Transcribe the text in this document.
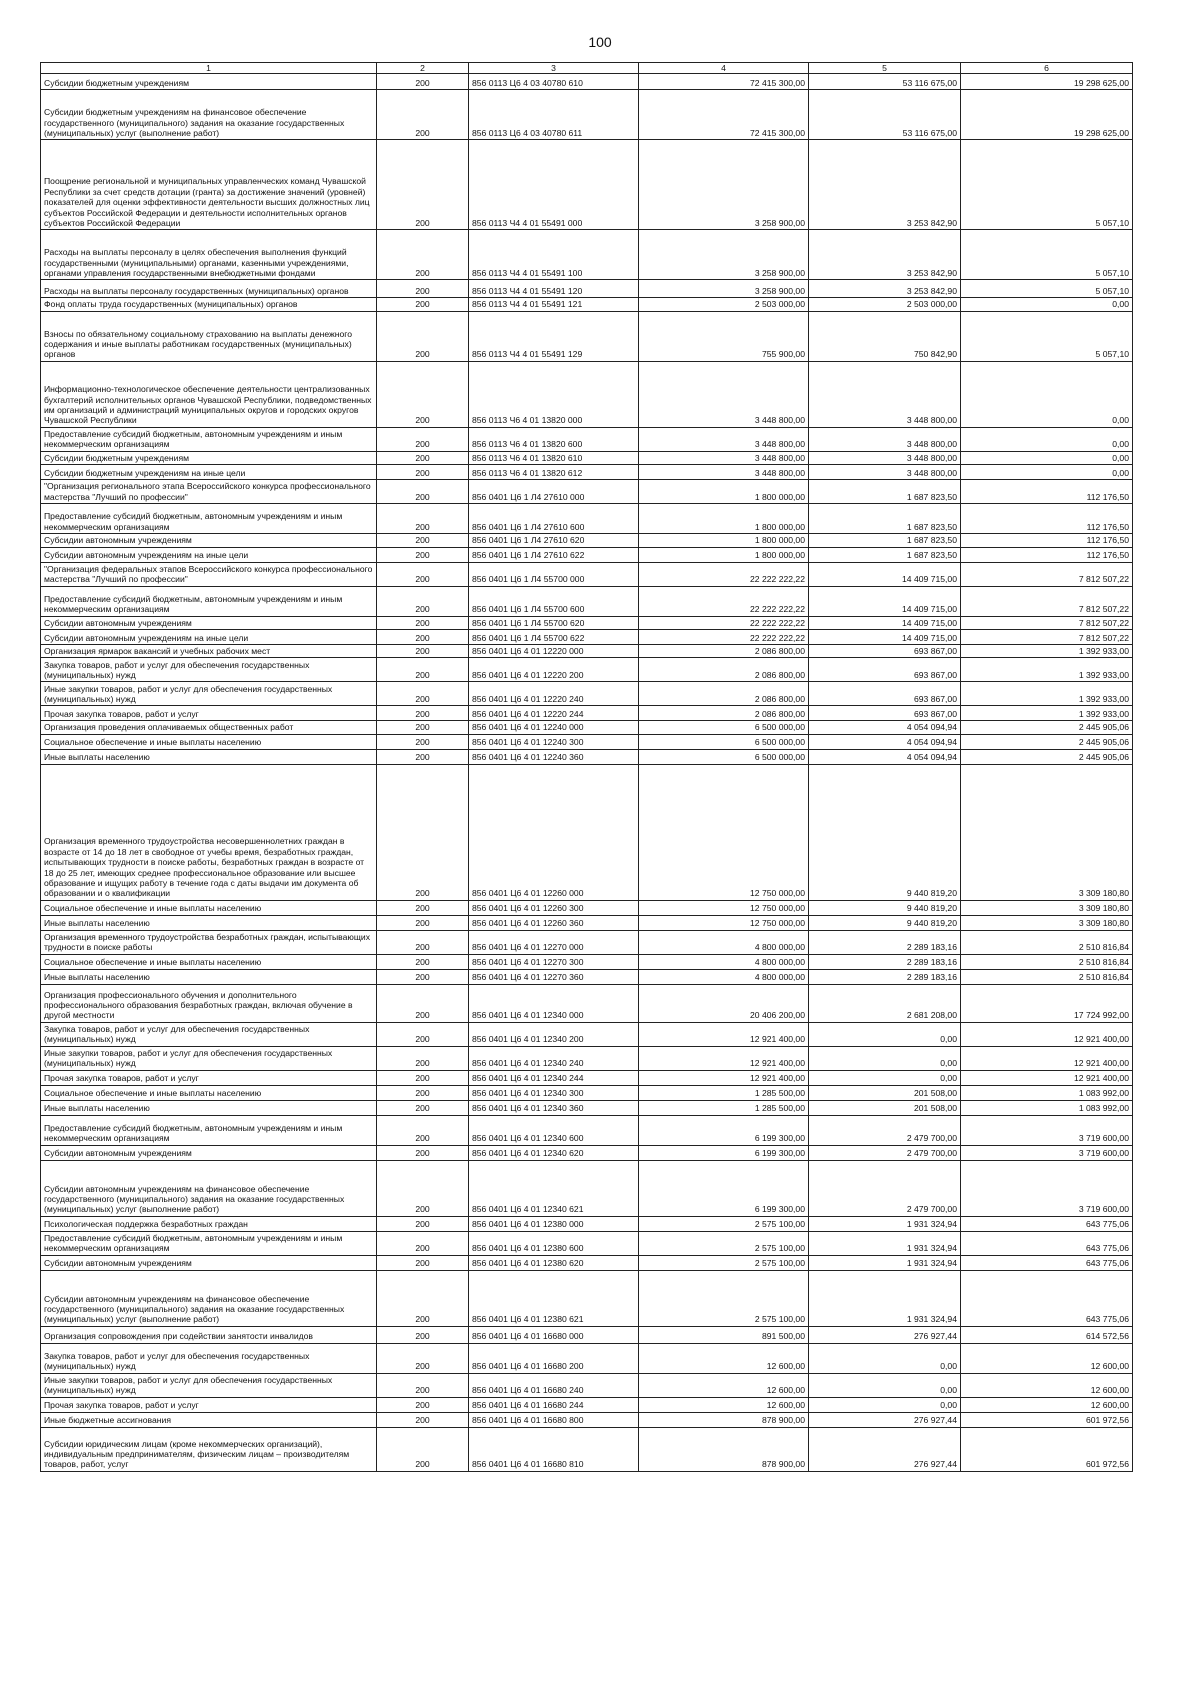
100
1	2	3	4	5	6
Субсидии бюджетным учреждениям	200	856 0113 Ц6 4 03 40780 610	72 415 300,00	53 116 675,00	19 298 625,00
Субсидии бюджетным учреждениям на финансовое обеспечение государственного (муниципального) задания на оказание государственных (муниципальных) услуг (выполнение работ)	200	856 0113 Ц6 4 03 40780 611	72 415 300,00	53 116 675,00	19 298 625,00
Поощрение региональной и муниципальных управленческих команд Чувашской Республики за счет средств дотации (гранта) за достижение значений (уровней) показателей для оценки эффективности деятельности высших должностных лиц субъектов Российской Федерации и деятельности исполнительных органов субъектов Российской Федерации	200	856 0113 Ч4 4 01 55491 000	3 258 900,00	3 253 842,90	5 057,10
Расходы на выплаты персоналу в целях обеспечения выполнения функций государственными (муниципальными) органами, казенными учреждениями, органами управления государственными внебюджетными фондами	200	856 0113 Ч4 4 01 55491 100	3 258 900,00	3 253 842,90	5 057,10
Расходы на выплаты персоналу государственных (муниципальных) органов	200	856 0113 Ч4 4 01 55491 120	3 258 900,00	3 253 842,90	5 057,10
Фонд оплаты труда государственных (муниципальных) органов	200	856 0113 Ч4 4 01 55491 121	2 503 000,00	2 503 000,00	0,00
Взносы по обязательному социальному страхованию на выплаты денежного содержания и иные выплаты работникам государственных (муниципальных) органов	200	856 0113 Ч4 4 01 55491 129	755 900,00	750 842,90	5 057,10
Информационно-технологическое обеспечение деятельности централизованных бухгалтерий исполнительных органов Чувашской Республики, подведомственных им организаций и администраций муниципальных округов и городских округов Чувашской Республики	200	856 0113 Ч6 4 01 13820 000	3 448 800,00	3 448 800,00	0,00
Предоставление субсидий бюджетным, автономным учреждениям и иным некоммерческим организациям	200	856 0113 Ч6 4 01 13820 600	3 448 800,00	3 448 800,00	0,00
Субсидии бюджетным учреждениям	200	856 0113 Ч6 4 01 13820 610	3 448 800,00	3 448 800,00	0,00
Субсидии бюджетным учреждениям на иные цели	200	856 0113 Ч6 4 01 13820 612	3 448 800,00	3 448 800,00	0,00
"Организация регионального этапа Всероссийского конкурса профессионального мастерства "Лучший по профессии"	200	856 0401 Ц6 1 Л4 27610 000	1 800 000,00	1 687 823,50	112 176,50
Предоставление субсидий бюджетным, автономным учреждениям и иным некоммерческим организациям	200	856 0401 Ц6 1 Л4 27610 600	1 800 000,00	1 687 823,50	112 176,50
Субсидии автономным учреждениям	200	856 0401 Ц6 1 Л4 27610 620	1 800 000,00	1 687 823,50	112 176,50
Субсидии автономным учреждениям на иные цели	200	856 0401 Ц6 1 Л4 27610 622	1 800 000,00	1 687 823,50	112 176,50
"Организация федеральных этапов Всероссийского конкурса профессионального мастерства "Лучший по профессии"	200	856 0401 Ц6 1 Л4 55700 000	22 222 222,22	14 409 715,00	7 812 507,22
Предоставление субсидий бюджетным, автономным учреждениям и иным некоммерческим организациям	200	856 0401 Ц6 1 Л4 55700 600	22 222 222,22	14 409 715,00	7 812 507,22
Субсидии автономным учреждениям	200	856 0401 Ц6 1 Л4 55700 620	22 222 222,22	14 409 715,00	7 812 507,22
Субсидии автономным учреждениям на иные цели	200	856 0401 Ц6 1 Л4 55700 622	22 222 222,22	14 409 715,00	7 812 507,22
Организация ярмарок вакансий и учебных рабочих мест	200	856 0401 Ц6 4 01 12220 000	2 086 800,00	693 867,00	1 392 933,00
Закупка товаров, работ и услуг для обеспечения государственных (муниципальных) нужд	200	856 0401 Ц6 4 01 12220 200	2 086 800,00	693 867,00	1 392 933,00
Иные закупки товаров, работ и услуг для обеспечения государственных (муниципальных) нужд	200	856 0401 Ц6 4 01 12220 240	2 086 800,00	693 867,00	1 392 933,00
Прочая закупка товаров, работ и услуг	200	856 0401 Ц6 4 01 12220 244	2 086 800,00	693 867,00	1 392 933,00
Организация проведения оплачиваемых общественных работ	200	856 0401 Ц6 4 01 12240 000	6 500 000,00	4 054 094,94	2 445 905,06
Социальное обеспечение и иные выплаты населению	200	856 0401 Ц6 4 01 12240 300	6 500 000,00	4 054 094,94	2 445 905,06
Иные выплаты населению	200	856 0401 Ц6 4 01 12240 360	6 500 000,00	4 054 094,94	2 445 905,06
Организация временного трудоустройства несовершеннолетних граждан в возрасте от 14 до 18 лет в свободное от учебы время, безработных граждан, испытывающих трудности в поиске работы, безработных граждан в возрасте от 18 до 25 лет, имеющих среднее профессиональное образование или высшее образование и ищущих работу в течение года с даты выдачи им документа об образовании и о квалификации	200	856 0401 Ц6 4 01 12260 000	12 750 000,00	9 440 819,20	3 309 180,80
Социальное обеспечение и иные выплаты населению	200	856 0401 Ц6 4 01 12260 300	12 750 000,00	9 440 819,20	3 309 180,80
Иные выплаты населению	200	856 0401 Ц6 4 01 12260 360	12 750 000,00	9 440 819,20	3 309 180,80
Организация временного трудоустройства безработных граждан, испытывающих трудности в поиске работы	200	856 0401 Ц6 4 01 12270 000	4 800 000,00	2 289 183,16	2 510 816,84
Социальное обеспечение и иные выплаты населению	200	856 0401 Ц6 4 01 12270 300	4 800 000,00	2 289 183,16	2 510 816,84
Иные выплаты населению	200	856 0401 Ц6 4 01 12270 360	4 800 000,00	2 289 183,16	2 510 816,84
Организация профессионального обучения и дополнительного профессионального образования безработных граждан, включая обучение в другой местности	200	856 0401 Ц6 4 01 12340 000	20 406 200,00	2 681 208,00	17 724 992,00
Закупка товаров, работ и услуг для обеспечения государственных (муниципальных) нужд	200	856 0401 Ц6 4 01 12340 200	12 921 400,00	0,00	12 921 400,00
Иные закупки товаров, работ и услуг для обеспечения государственных (муниципальных) нужд	200	856 0401 Ц6 4 01 12340 240	12 921 400,00	0,00	12 921 400,00
Прочая закупка товаров, работ и услуг	200	856 0401 Ц6 4 01 12340 244	12 921 400,00	0,00	12 921 400,00
Социальное обеспечение и иные выплаты населению	200	856 0401 Ц6 4 01 12340 300	1 285 500,00	201 508,00	1 083 992,00
Иные выплаты населению	200	856 0401 Ц6 4 01 12340 360	1 285 500,00	201 508,00	1 083 992,00
Предоставление субсидий бюджетным, автономным учреждениям и иным некоммерческим организациям	200	856 0401 Ц6 4 01 12340 600	6 199 300,00	2 479 700,00	3 719 600,00
Субсидии автономным учреждениям	200	856 0401 Ц6 4 01 12340 620	6 199 300,00	2 479 700,00	3 719 600,00
Субсидии автономным учреждениям на финансовое обеспечение государственного (муниципального) задания на оказание государственных (муниципальных) услуг (выполнение работ)	200	856 0401 Ц6 4 01 12340 621	6 199 300,00	2 479 700,00	3 719 600,00
Психологическая поддержка безработных граждан	200	856 0401 Ц6 4 01 12380 000	2 575 100,00	1 931 324,94	643 775,06
Предоставление субсидий бюджетным, автономным учреждениям и иным некоммерческим организациям	200	856 0401 Ц6 4 01 12380 600	2 575 100,00	1 931 324,94	643 775,06
Субсидии автономным учреждениям	200	856 0401 Ц6 4 01 12380 620	2 575 100,00	1 931 324,94	643 775,06
Субсидии автономным учреждениям на финансовое обеспечение государственного (муниципального) задания на оказание государственных (муниципальных) услуг (выполнение работ)	200	856 0401 Ц6 4 01 12380 621	2 575 100,00	1 931 324,94	643 775,06
Организация сопровождения при содействии занятости инвалидов	200	856 0401 Ц6 4 01 16680 000	891 500,00	276 927,44	614 572,56
Закупка товаров, работ и услуг для обеспечения государственных (муниципальных) нужд	200	856 0401 Ц6 4 01 16680 200	12 600,00	0,00	12 600,00
Иные закупки товаров, работ и услуг для обеспечения государственных (муниципальных) нужд	200	856 0401 Ц6 4 01 16680 240	12 600,00	0,00	12 600,00
Прочая закупка товаров, работ и услуг	200	856 0401 Ц6 4 01 16680 244	12 600,00	0,00	12 600,00
Иные бюджетные ассигнования	200	856 0401 Ц6 4 01 16680 800	878 900,00	276 927,44	601 972,56
Субсидии юридическим лицам (кроме некоммерческих организаций), индивидуальным предпринимателям, физическим лицам – производителям товаров, работ, услуг	200	856 0401 Ц6 4 01 16680 810	878 900,00	276 927,44	601 972,56
